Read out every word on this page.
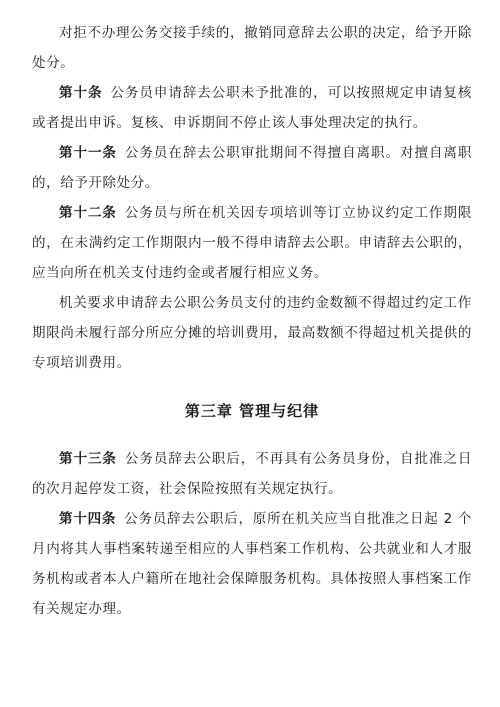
对拒不办理公务交接手续的，撤销同意辞去公职的决定，给予开除处分。

第十条 公务员申请辞去公职未予批准的，可以按照规定申请复核或者提出申诉。复核、申诉期间不停止该人事处理决定的执行。

第十一条 公务员在辞去公职审批期间不得擅自离职。对擅自离职的，给予开除处分。

第十二条 公务员与所在机关因专项培训等订立协议约定工作期限的，在未满约定工作期限内一般不得申请辞去公职。申请辞去公职的，应当向所在机关支付违约金或者履行相应义务。

机关要求申请辞去公职公务员支付的违约金数额不得超过约定工作期限尚未履行部分所应分摊的培训费用，最高数额不得超过机关提供的专项培训费用。

第三章 管理与纪律

第十三条 公务员辞去公职后，不再具有公务员身份，自批准之日的次月起停发工资，社会保险按照有关规定执行。

第十四条 公务员辞去公职后，原所在机关应当自批准之日起 2 个月内将其人事档案转递至相应的人事档案工作机构、公共就业和人才服务机构或者本人户籍所在地社会保障服务机构。具体按照人事档案工作有关规定办理。
